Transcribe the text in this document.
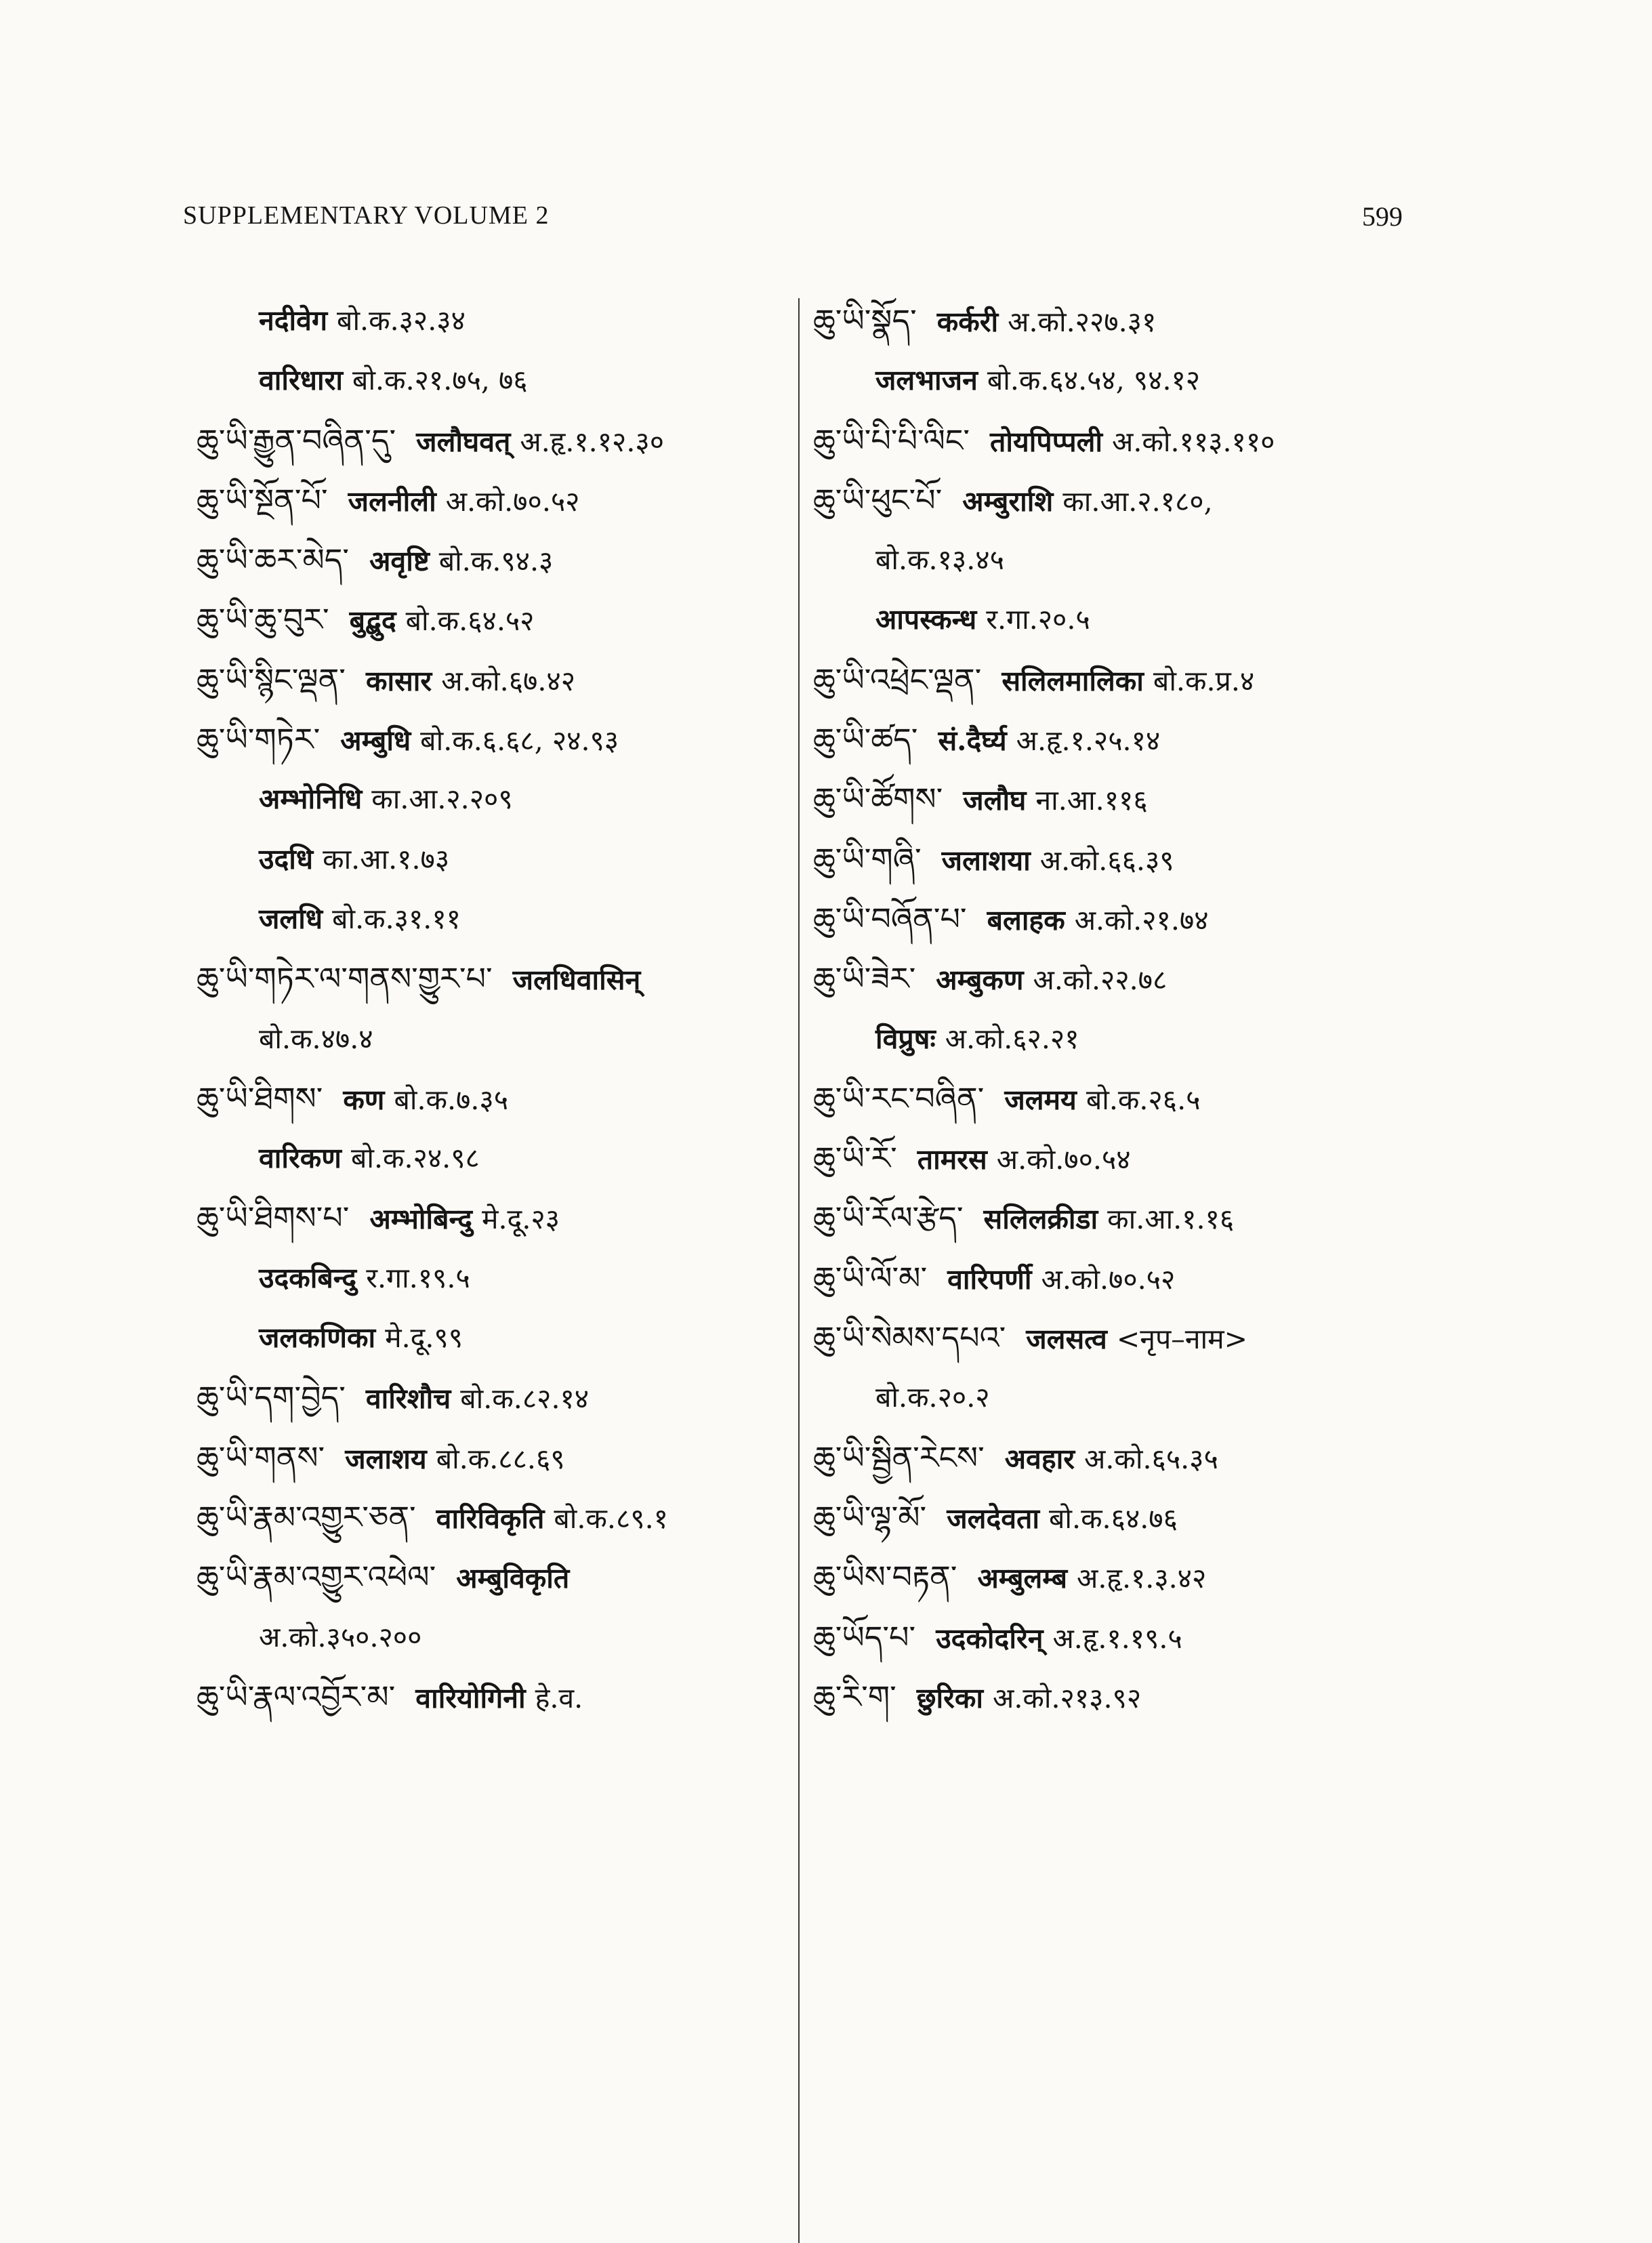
SUPPLEMENTARY VOLUME 2	599
नदीवेग बो.क.३२.३४
वारिधारा बो.क.२१.७५, ७६
ཆུ་ཡི་རྒྱུན་བཞིན་དུ་ जलौघवत् अ.हृ.१.१२.३०
ཆུ་ཡི་སྔོན་པོ་ जलनीली अ.को.७०.५२
ཆུ་ཡི་ཆར་མེད་ अवृष्टि बो.क.९४.३
ཆུ་ཡི་ཆུ་བུར་ बुद्बुद बो.क.६४.५२
ཆུ་ཡི་སྙིང་ལྡན་ कासार अ.को.६७.४२
ཆུ་ཡི་གཏེར་ अम्बुधि बो.क.६.६८, २४.९३
अम्भोनिधि का.आ.२.२०९
उदधि का.आ.१.७३
जलधि बो.क.३१.११
ཆུ་ཡི་གཏེར་ལ་གནས་གྱུར་པ་ जलधिवासिन्
बो.क.४७.४
ཆུ་ཡི་ཐིགས་ कण बो.क.७.३५
वारिकण बो.क.२४.९८
ཆུ་ཡི་ཐིགས་པ་ अम्भोबिन्दु मे.दू.२३
उदकबिन्दु र.गा.१९.५
जलकणिका मे.दू.९९
ཆུ་ཡི་དག་བྱེད་ वारिशौच बो.क.८२.१४
ཆུ་ཡི་གནས་ जलाशय बो.क.८८.६९
ཆུ་ཡི་རྣམ་འགྱུར་ཅན་ वारिविकृति बो.क.८९.१
ཆུ་ཡི་རྣམ་འགྱུར་འཕེལ་ अम्बुविकृति
अ.को.३५०.२००
ཆུ་ཡི་རྣལ་འབྱོར་མ་ वारियोगिनी हे.व.
ཆུ་ཡི་སྣོད་ कर्करी अ.को.२२७.३१
जलभाजन बो.क.६४.५४, ९४.१२
ཆུ་ཡི་པི་པི་ལིང་ तोयपिप्पली अ.को.११३.११०
ཆུ་ཡི་ཕུང་པོ་ अम्बुराशि का.आ.२.१८०,
बो.क.१३.४५
आपस्कन्ध र.गा.२०.५
ཆུ་ཡི་འཕྲེང་ལྡན་ सलिलमालिका बो.क.प्र.४
ཆུ་ཡི་ཚད་ सं.दैर्घ्य अ.हृ.१.२५.१४
ཆུ་ཡི་ཚོགས་ जलौघ ना.आ.११६
ཆུ་ཡི་གཞི་ जलाशया अ.को.६६.३९
ཆུ་ཡི་བཞོན་པ་ बलाहक अ.को.२१.७४
ཆུ་ཡི་ཟེར་ अम्बुकण अ.को.२२.७८
विप्रुषः अ.को.६२.२१
ཆུ་ཡི་རང་བཞིན་ जलमय बो.क.२६.५
ཆུ་ཡི་རོ་ तामरस अ.को.७०.५४
ཆུ་ཡི་རོལ་རྩེད་ सलिलक्रीडा का.आ.१.१६
ཆུ་ཡི་ལོ་མ་ वारिपर्णी अ.को.७०.५२
ཆུ་ཡི་སེམས་དཔའ་ जलसत्व <नृप–नाम>
बो.क.२०.२
ཆུ་ཡི་སྦྱིན་རེངས་ अवहार अ.को.६५.३५
ཆུ་ཡི་ལྷ་མོ་ जलदेवता बो.क.६४.७६
ཆུ་ཡིས་བརྟན་ अम्बुलम्ब अ.हृ.१.३.४२
ཆུ་ཡོད་པ་ उदकोदरिन् अ.हृ.१.१९.५
ཆུ་རི་ག་ छुरिका अ.को.२१३.९२
